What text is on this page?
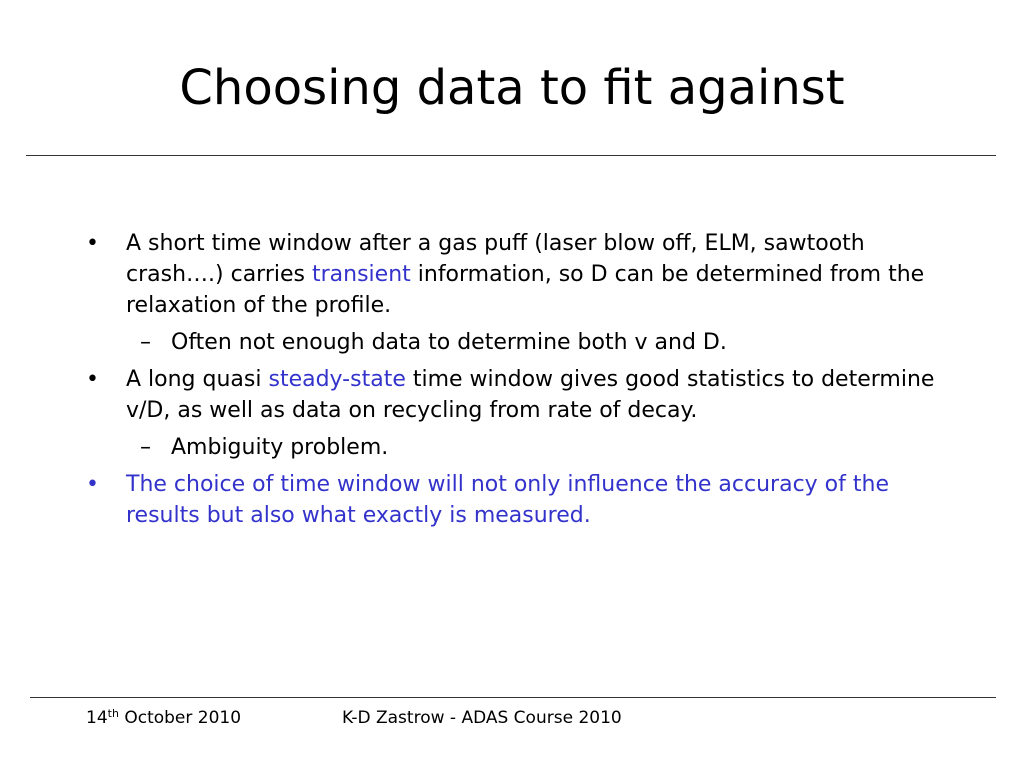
Choosing data to fit against
• A short time window after a gas puff (laser blow off, ELM, sawtooth crash….) carries transient information, so D can be determined from the relaxation of the profile.
– Often not enough data to determine both v and D.
• A long quasi steady-state time window gives good statistics to determine v/D, as well as data on recycling from rate of decay.
– Ambiguity problem.
• The choice of time window will not only influence the accuracy of the results but also what exactly is measured.
14th October 2010	K-D Zastrow - ADAS Course 2010
